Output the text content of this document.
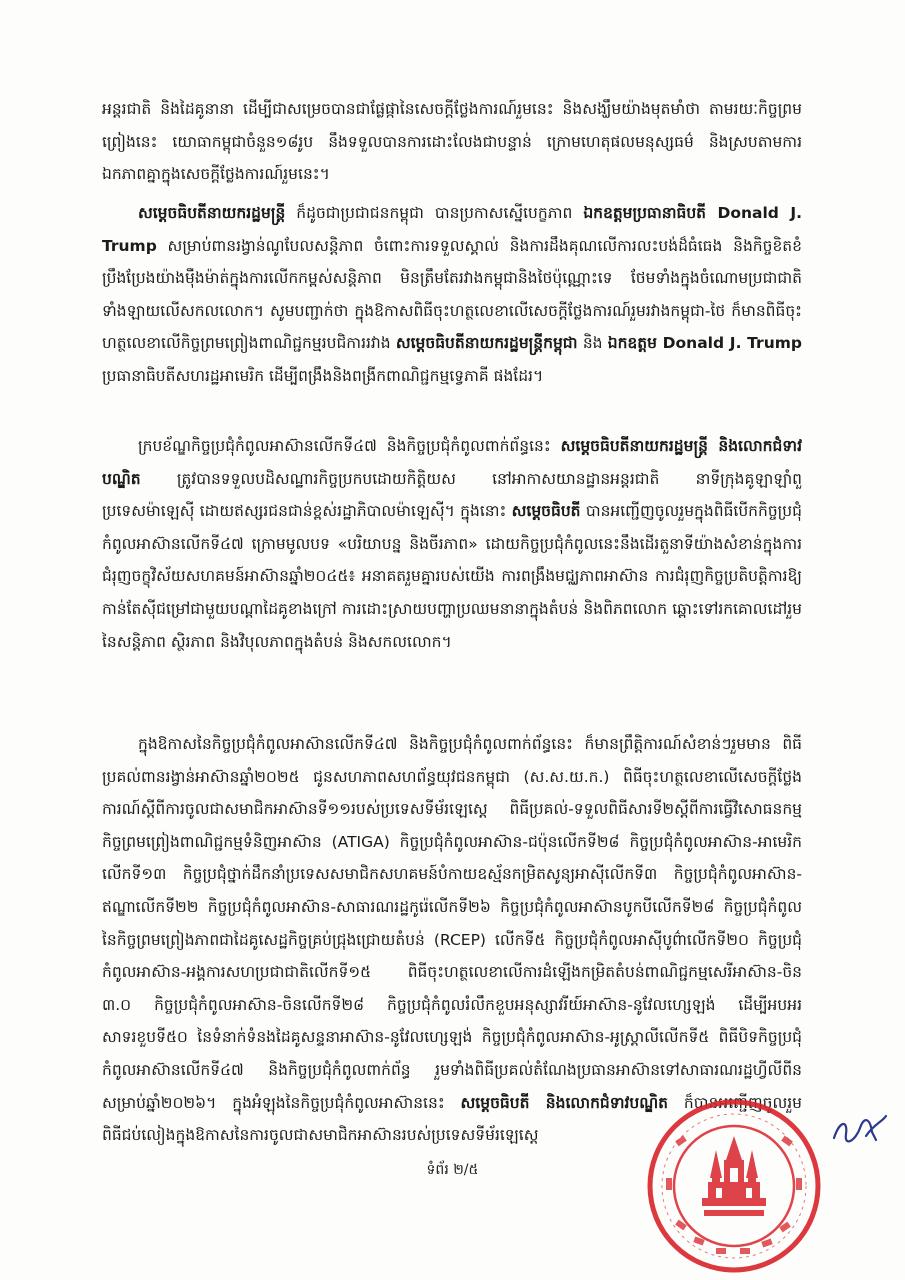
អន្តរជាតិ និងដៃគូនានា ដើម្បីជាសម្រេចបានជាផ្លែផ្កានៃសេចក្តីថ្លែងការណ៍រួមនេះ និងសង្ឃឹមយ៉ាងមុតមាំថា តាមរយៈកិច្ចព្រមព្រៀងនេះ យោធាកម្ពុជាចំនួន១៨រូប នឹងទទួលបានការដោះលែងជាបន្ទាន់ ក្រោមហេតុផលមនុស្សធម៌ និងស្របតាមការឯកភាពគ្នាក្នុងសេចក្តីថ្លែងការណ៍រួមនេះ។

សម្តេចធិបតីនាយករដ្ឋមន្ត្រី ក៏ដូចជាប្រជាជនកម្ពុជា បានប្រកាសស្នើបេក្ខភាព ឯកឧត្តមប្រធានាធិបតី Donald J. Trump សម្រាប់ពានរង្វាន់ណូបែលសន្តិភាព ចំពោះការទទួលស្គាល់ និងការដឹងគុណលើការលះបង់ដ៏ធំធេង និងកិច្ចខិតខំប្រឹងប្រែងយ៉ាងម៉ឺងម៉ាត់ក្នុងការលើកកម្ពស់សន្តិភាព មិនត្រឹមតែរវាងកម្ពុជានិងថៃប៉ុណ្ណោះទេ ថែមទាំងក្នុងចំណោមប្រជាជាតិទាំងឡាយលើសកលលោក។ សូមបញ្ជាក់ថា ក្នុងឱកាសពិធីចុះហត្ថលេខាលើសេចក្តីថ្លែងការណ៍រួមរវាងកម្ពុជា-ថៃ ក៏មានពិធីចុះហត្ថលេខាលើកិច្ចព្រមព្រៀងពាណិជ្ជកម្មរបជិការរវាង សម្តេចធិបតីនាយករដ្ឋមន្ត្រីកម្ពុជា និង ឯកឧត្តម Donald J. Trump ប្រធានាធិបតីសហរដ្ឋអាមេរិក ដើម្បីពង្រឹងនិងពង្រីកពាណិជ្ជកម្មទ្វេភាគី ផងដែរ។

ក្របខ័ណ្ឌកិច្ចប្រជុំកំពូលអាស៊ានលើកទី៤៧ និងកិច្ចប្រជុំកំពូលពាក់ព័ន្ធនេះ សម្តេចធិបតីនាយករដ្ឋមន្ត្រី និងលោកជំទាវបណ្ឌិត ត្រូវបានទទួលបដិសណ្ឋារកិច្ចប្រកបដោយកិត្តិយស នៅអាកាសយានដ្ឋានអន្តរជាតិ នាទីក្រុងគូឡាឡាំពួ ប្រទេសម៉ាឡេស៊ី ដោយឥស្សរជនជាន់ខ្ពស់រដ្ឋាភិបាលម៉ាឡេស៊ី។ ក្នុងនោះ សម្តេចធិបតី បានអញ្ជើញចូលរួមក្នុងពិធីបើកកិច្ចប្រជុំកំពូលអាស៊ានលើកទី៤៧ ក្រោមមូលបទ «បរិយាបន្ន និងចីរភាព» ដោយកិច្ចប្រជុំកំពូលនេះនឹងដើរតួនាទីយ៉ាងសំខាន់ក្នុងការជំរុញចក្ខុវិស័យសហគមន៍អាស៊ានឆ្នាំ២០៤៥៖ អនាគតរួមគ្នារបស់យើង ការពង្រឹងមជ្ឈភាពអាស៊ាន ការជំរុញកិច្ចប្រតិបត្តិការឱ្យកាន់តែស៊ីជម្រៅជាមួយបណ្តាដៃគូខាងក្រៅ ការដោះស្រាយបញ្ហាប្រឈមនានាក្នុងតំបន់ និងពិភពលោក ឆ្ពោះទៅរកគោលដៅរួមនៃសន្តិភាព ស្ថិរភាព និងវិបុលភាពក្នុងតំបន់ និងសកលលោក។

ក្នុងឱកាសនៃកិច្ចប្រជុំកំពូលអាស៊ានលើកទី៤៧ និងកិច្ចប្រជុំកំពូលពាក់ព័ន្ធនេះ ក៏មានព្រឹត្តិការណ៍សំខាន់ៗរួមមាន ពិធីប្រគល់ពានរង្វាន់អាស៊ានឆ្នាំ២០២៥ ជូនសហភាពសហព័ន្ធយុវជនកម្ពុជា (ស.ស.យ.ក.) ពិធីចុះហត្ថលេខាលើសេចក្តីថ្លែងការណ៍ស្តីពីការចូលជាសមាជិកអាស៊ានទី១១របស់ប្រទេសទីម័រឡេស្តេ ពិធីប្រគល់-ទទួលពិធីសារទី២ស្តីពីការធ្វើវិសោធនកម្មកិច្ចព្រមព្រៀងពាណិជ្ជកម្មទំនិញអាស៊ាន (ATIGA) កិច្ចប្រជុំកំពូលអាស៊ាន-ជប៉ុនលើកទី២៨ កិច្ចប្រជុំកំពូលអាស៊ាន-អាមេរិកលើកទី១៣ កិច្ចប្រជុំថ្នាក់ដឹកនាំប្រទេសសមាជិកសហគមន៍បំកាយឧស្ម័នកម្រិតសូន្យអាស៊ីលើកទី៣ កិច្ចប្រជុំកំពូលអាស៊ាន-ឥណ្ឌាលើកទី២២ កិច្ចប្រជុំកំពូលអាស៊ាន-សាធារណរដ្ឋកូរ៉េលើកទី២៦ កិច្ចប្រជុំកំពូលអាស៊ានបូកបីលើកទី២៨ កិច្ចប្រជុំកំពូលនៃកិច្ចព្រមព្រៀងភាពជាដៃគូសេដ្ឋកិច្ចគ្រប់ជ្រុងជ្រោយតំបន់ (RCEP) លើកទី៥ កិច្ចប្រជុំកំពូលអាស៊ីបូព៌ាលើកទី២០ កិច្ចប្រជុំកំពូលអាស៊ាន-អង្គការសហប្រជាជាតិលើកទី១៥ ពិធីចុះហត្ថលេខាលើការដំឡើងកម្រិតតំបន់ពាណិជ្ជកម្មសេរីអាស៊ាន-ចិន ៣.០ កិច្ចប្រជុំកំពូលអាស៊ាន-ចិនលើកទី២៨ កិច្ចប្រជុំកំពូលរំលឹកខួបអនុស្សាវរីយ៍អាស៊ាន-នូវែលហ្សេឡង់ ដើម្បីអបអរសាទរខួបទី៥០ នៃទំនាក់ទំនងដៃគូសន្ទនាអាស៊ាន-នូវែលហ្សេឡង់ កិច្ចប្រជុំកំពូលអាស៊ាន-អូស្ត្រាលីលើកទី៥ ពិធីបិទកិច្ចប្រជុំកំពូលអាស៊ានលើកទី៤៧ និងកិច្ចប្រជុំកំពូលពាក់ព័ន្ធ រួមទាំងពិធីប្រគល់តំណែងប្រធានអាស៊ានទៅសាធារណរដ្ឋហ្វីលីពីនសម្រាប់ឆ្នាំ២០២៦។ ក្នុងអំឡុងនៃកិច្ចប្រជុំកំពូលអាស៊ាននេះ សម្តេចធិបតី និងលោកជំទាវបណ្ឌិត ក៏បានអញ្ជើញចូលរួមពិធីជប់លៀងក្នុងឱកាសនៃការចូលជាសមាជិកអាស៊ានរបស់ប្រទេសទីម័រឡេស្តេ

ទំព័រ ២/៥
